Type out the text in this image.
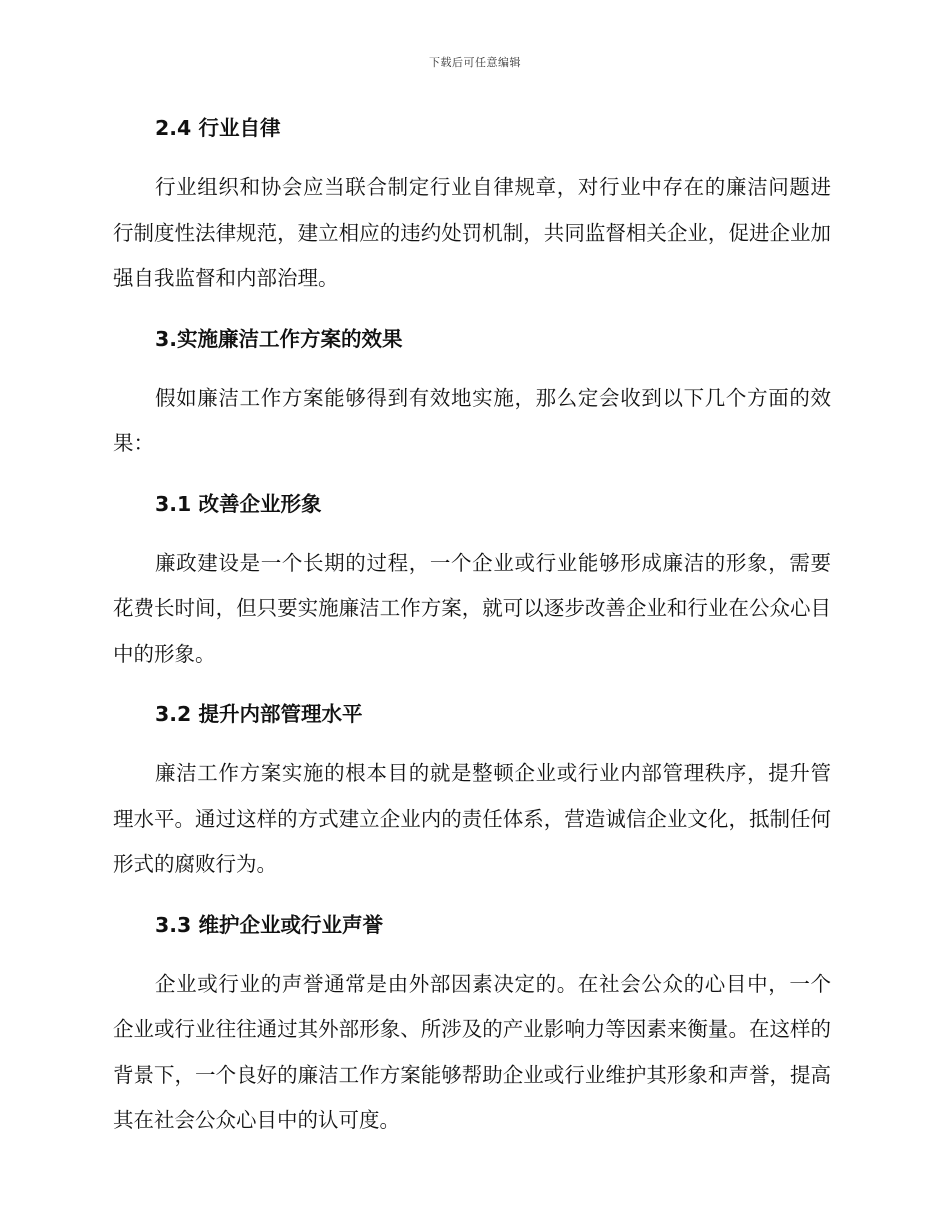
下载后可任意编辑
2.4 行业自律

行业组织和协会应当联合制定行业自律规章，对行业中存在的廉洁问题进行制度性法律规范，建立相应的违约处罚机制，共同监督相关企业，促进企业加强自我监督和内部治理。

3.实施廉洁工作方案的效果

假如廉洁工作方案能够得到有效地实施，那么定会收到以下几个方面的效果：

3.1 改善企业形象

廉政建设是一个长期的过程，一个企业或行业能够形成廉洁的形象，需要花费长时间，但只要实施廉洁工作方案，就可以逐步改善企业和行业在公众心目中的形象。

3.2 提升内部管理水平

廉洁工作方案实施的根本目的就是整顿企业或行业内部管理秩序，提升管理水平。通过这样的方式建立企业内的责任体系，营造诚信企业文化，抵制任何形式的腐败行为。

3.3 维护企业或行业声誉

企业或行业的声誉通常是由外部因素决定的。在社会公众的心目中，一个企业或行业往往通过其外部形象、所涉及的产业影响力等因素来衡量。在这样的背景下，一个良好的廉洁工作方案能够帮助企业或行业维护其形象和声誉，提高其在社会公众心目中的认可度。
